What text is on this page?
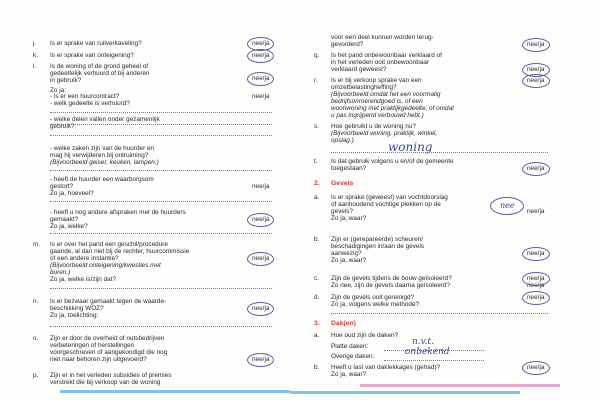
j. Is er sprake van ruilverkaveling?	nee/ja
k. Is er sprake van onteigening?	nee/ja
l. Is de woning of de grond geheel of
gedeeltelijk verhuurd of bij anderen
in gebruik?	nee/ja
Zo ja:
- is er een huurcontract?	nee/ja
- welk gedeelte is verhuurd?
- welke delen vallen onder gezamenlijk
gebruik?
- welke zaken zijn van de huurder en
mag hij verwijderen bij ontruiming?
(Bijvoorbeeld geiser, keuken, lampen.)
- heeft de huurder een waarborgsom
gestort?
Zo ja, hoeveel?
nee/ja
- heeft u nog andere afspraken met de huurders
gemaakt?
Zo ja, welke?
nee/ja
m. Is er over het pand een geschil/procedure
gaande, al dan niet bij de rechter, huurcommissie
of een andere instantie?
(Bijvoorbeeld onteigening/kwesties met
buren.)
Zo ja, welke is/zijn dat?
nee/ja
n. Is er bezwaar gemaakt tegen de waarde-
beschikking WOZ?
Zo ja, toelichting:
nee/ja
o. Zijn er door de overheid of nutsbedrijven
verbeteringen of herstellingen
voorgeschreven of aangekondigd die nog
niet naar behoren zijn uitgevoerd?	nee/ja
p. Zijn er in het verleden subsidies of premies
verstrekt die bij verkoop van de woning
voor een deel kunnen worden terug-
gevorderd?	nee/ja
q. Is het pand onbewoonbaar verklaard of
in het verleden ooit onbewoonbaar
verklaard geweest?	nee/ja
r. Is er bij verkoop sprake van een
omzetbelastingheffing?
(Bijvoorbeeld omdat het een voormalig
bedrijfsonroerendgoed is, of een
woonwoning met praktijkgedeelte, of omdat
u pas ingrijpend verbouwd hebt.)
nee/ja
s. Hoe gebruikt u de woning nu?
(Bijvoorbeeld woning, praktijk, winkel,
opslag.)	woning
t. Is dat gebruik volgens u en/of de gemeente
toegestaan?	nee/ja
2. Gevels
a. Is er sprake (geweest) van vochtdoorslag
of aanhoudend vochtige plekken op de
gevels?
Zo ja, waar?
nee/ja
nee
b. Zijn er (gerepareerde) scheuren/
beschadigingen in/aan de gevels
aanwezig?
Zo ja, waar?
nee/ja
c. Zijn de gevels tijdens de bouw geïsoleerd?
Zo nee, zijn de gevels daarna geïsoleerd?
nee/ja
nee/ja
d. Zijn de gevels ooit gereinigd?
Zo ja, volgens welke methode?
nee/ja
3. Dak(en)
a. Hoe oud zijn de daken?
Platte daken:	n.v.t.
Overige daken:	onbekend
b. Heeft u last van daklekkages (gehad)?
Zo ja, waar?
nee/ja
